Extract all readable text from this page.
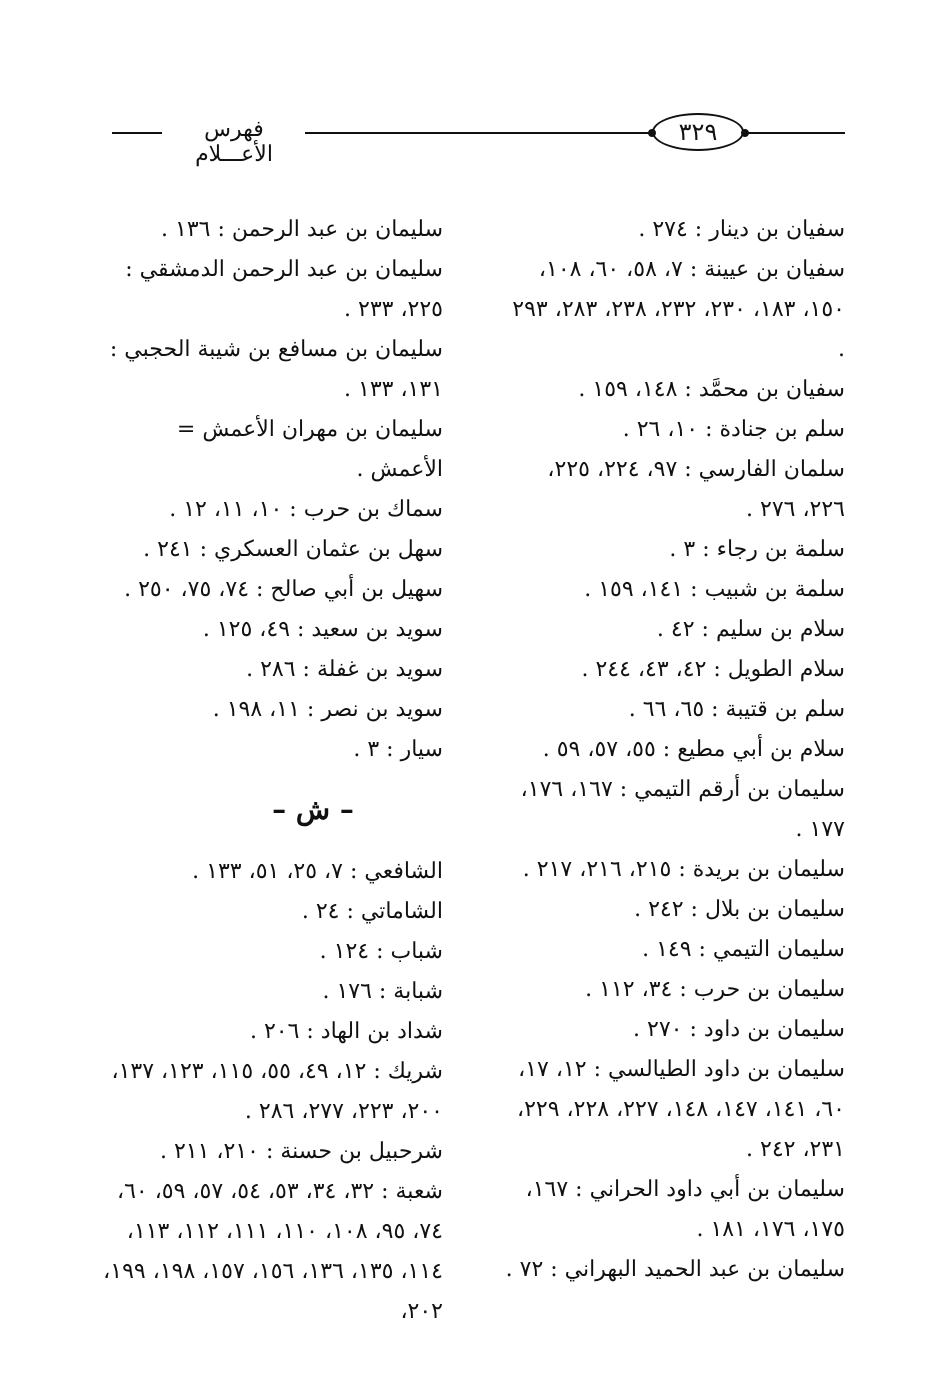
فهرس الأعـــلام
٣٢٩
سفيان بن دينار : ٢٧٤ .
سفيان بن عيينة : ٧، ٥٨، ٦٠، ١٠٨، ١٥٠، ١٨٣، ٢٣٠، ٢٣٢، ٢٣٨، ٢٨٣، ٢٩٣ .
سفيان بن محمَّد : ١٤٨، ١٥٩ .
سلم بن جنادة : ١٠، ٢٦ .
سلمان الفارسي : ٩٧، ٢٢٤، ٢٢٥، ٢٢٦، ٢٧٦ .
سلمة بن رجاء : ٣ .
سلمة بن شبيب : ١٤١، ١٥٩ .
سلام بن سليم : ٤٢ .
سلام الطويل : ٤٢، ٤٣، ٢٤٤ .
سلم بن قتيبة : ٦٥، ٦٦ .
سلام بن أبي مطيع : ٥٥، ٥٧، ٥٩ .
سليمان بن أرقم التيمي : ١٦٧، ١٧٦، ١٧٧ .
سليمان بن بريدة : ٢١٥، ٢١٦، ٢١٧ .
سليمان بن بلال : ٢٤٢ .
سليمان التيمي : ١٤٩ .
سليمان بن حرب : ٣٤، ١١٢ .
سليمان بن داود : ٢٧٠ .
سليمان بن داود الطيالسي : ١٢، ١٧، ٦٠، ١٤١، ١٤٧، ١٤٨، ٢٢٧، ٢٢٨، ٢٢٩، ٢٣١، ٢٤٢ .
سليمان بن أبي داود الحراني : ١٦٧، ١٧٥، ١٧٦، ١٨١ .
سليمان بن عبد الحميد البهراني : ٧٢ .
سليمان بن عبد الرحمن : ١٣٦ .
سليمان بن عبد الرحمن الدمشقي : ٢٢٥، ٢٣٣ .
سليمان بن مسافع بن شيبة الحجبي : ١٣١، ١٣٣ .
سليمان بن مهران الأعمش = الأعمش .
سماك بن حرب : ١٠، ١١، ١٢ .
سهل بن عثمان العسكري : ٢٤١ .
سهيل بن أبي صالح : ٧٤، ٧٥، ٢٥٠ .
سويد بن سعيد : ٤٩، ١٢٥ .
سويد بن غفلة : ٢٨٦ .
سويد بن نصر : ١١، ١٩٨ .
سيار : ٣ .
– ش –
الشافعي : ٧، ٢٥، ٥١، ١٣٣ .
الشاماتي : ٢٤ .
شباب : ١٢٤ .
شبابة : ١٧٦ .
شداد بن الهاد : ٢٠٦ .
شريك : ١٢، ٤٩، ٥٥، ١١٥، ١٢٣، ١٣٧، ٢٠٠، ٢٢٣، ٢٧٧، ٢٨٦ .
شرحبيل بن حسنة : ٢١٠، ٢١١ .
شعبة : ٣٢، ٣٤، ٥٣، ٥٤، ٥٧، ٥٩، ٦٠، ٧٤، ٩٥، ١٠٨، ١١٠، ١١١، ١١٢، ١١٣، ١١٤، ١٣٥، ١٣٦، ١٥٦، ١٥٧، ١٩٨، ١٩٩، ٢٠٢،
